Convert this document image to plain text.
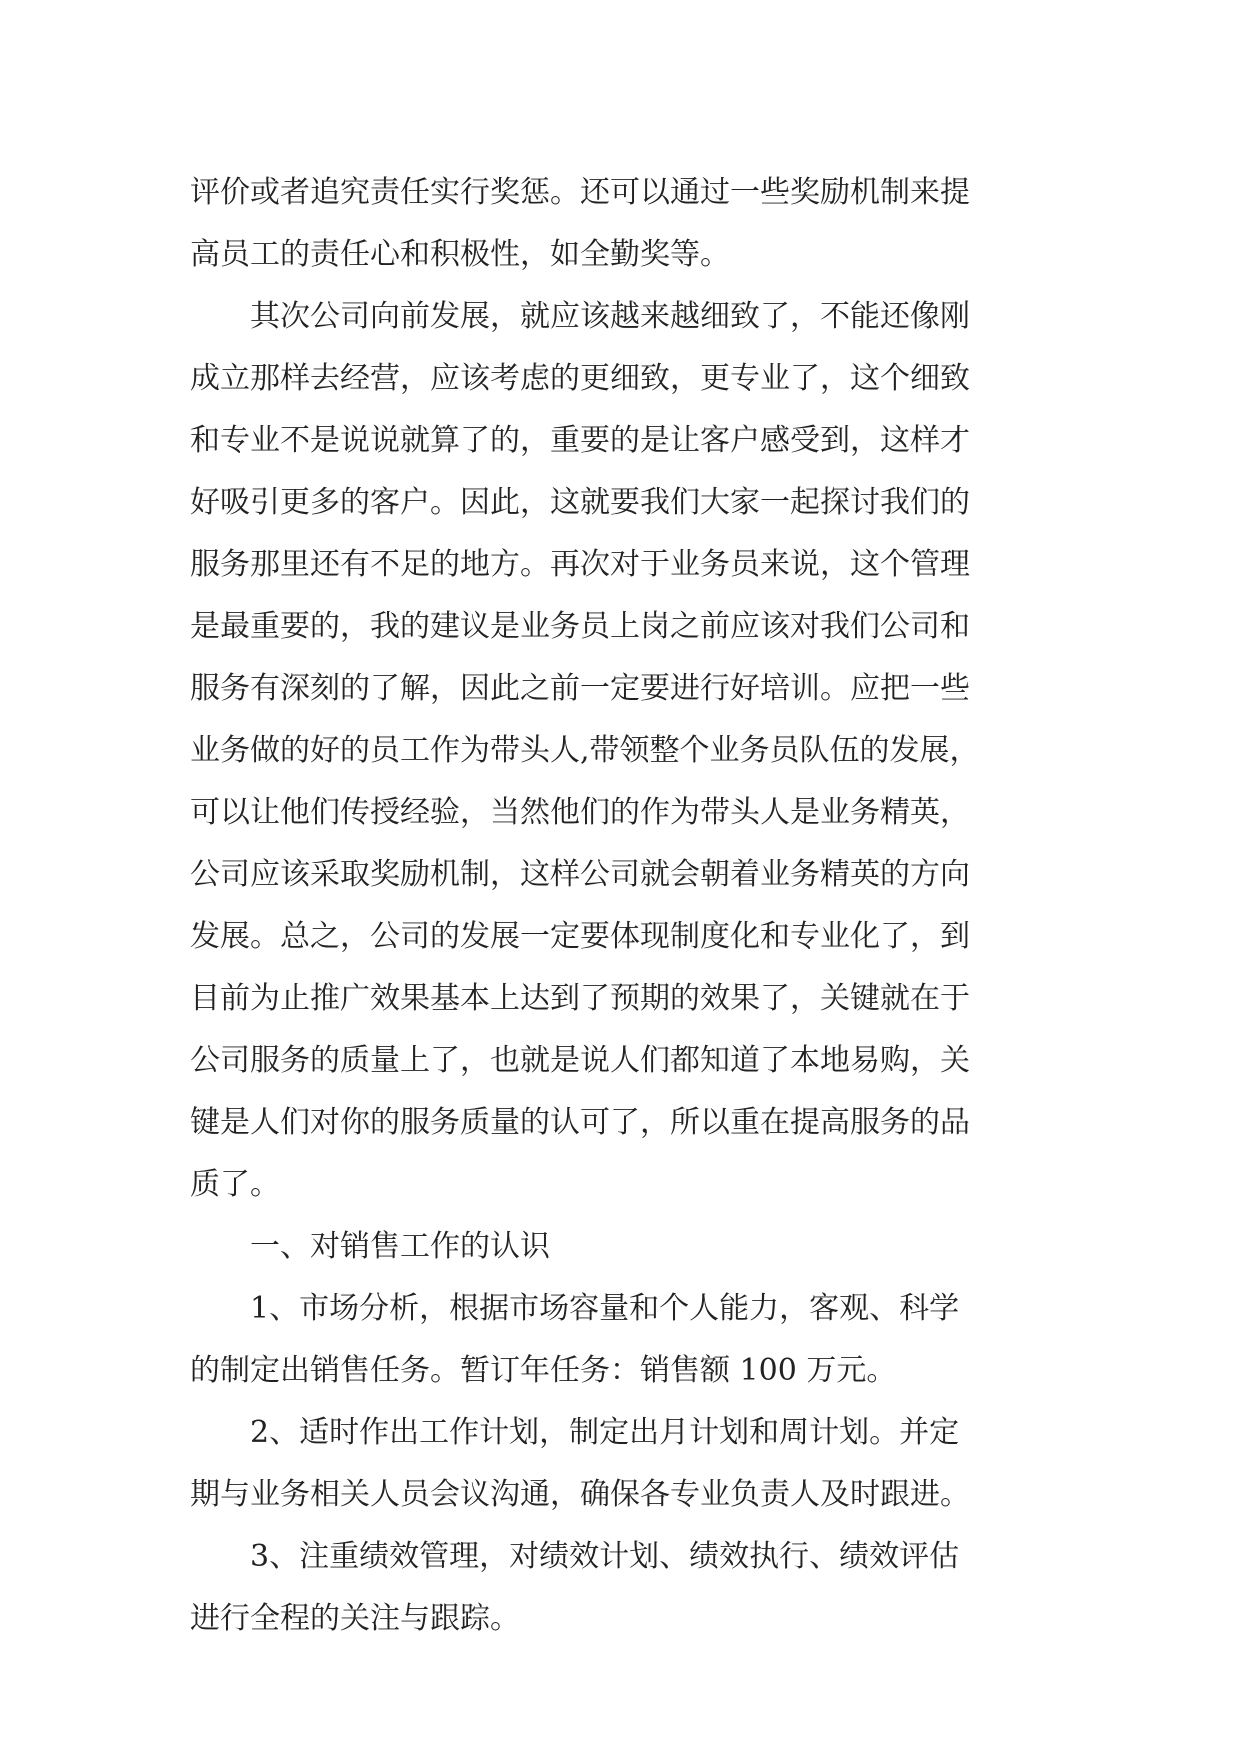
评价或者追究责任实行奖惩。还可以通过一些奖励机制来提
高员工的责任心和积极性，如全勤奖等。
其次公司向前发展，就应该越来越细致了，不能还像刚
成立那样去经营，应该考虑的更细致，更专业了，这个细致
和专业不是说说就算了的，重要的是让客户感受到，这样才
好吸引更多的客户。因此，这就要我们大家一起探讨我们的
服务那里还有不足的地方。再次对于业务员来说，这个管理
是最重要的，我的建议是业务员上岗之前应该对我们公司和
服务有深刻的了解，因此之前一定要进行好培训。应把一些
业务做的好的员工作为带头人,带领整个业务员队伍的发展，
可以让他们传授经验，当然他们的作为带头人是业务精英，
公司应该采取奖励机制，这样公司就会朝着业务精英的方向
发展。总之，公司的发展一定要体现制度化和专业化了，到
目前为止推广效果基本上达到了预期的效果了，关键就在于
公司服务的质量上了，也就是说人们都知道了本地易购，关
键是人们对你的服务质量的认可了，所以重在提高服务的品
质了。
一、对销售工作的认识
1、市场分析，根据市场容量和个人能力，客观、科学
的制定出销售任务。暂订年任务：销售额 100 万元。
2、适时作出工作计划，制定出月计划和周计划。并定
期与业务相关人员会议沟通，确保各专业负责人及时跟进。
3、注重绩效管理，对绩效计划、绩效执行、绩效评估
进行全程的关注与跟踪。
